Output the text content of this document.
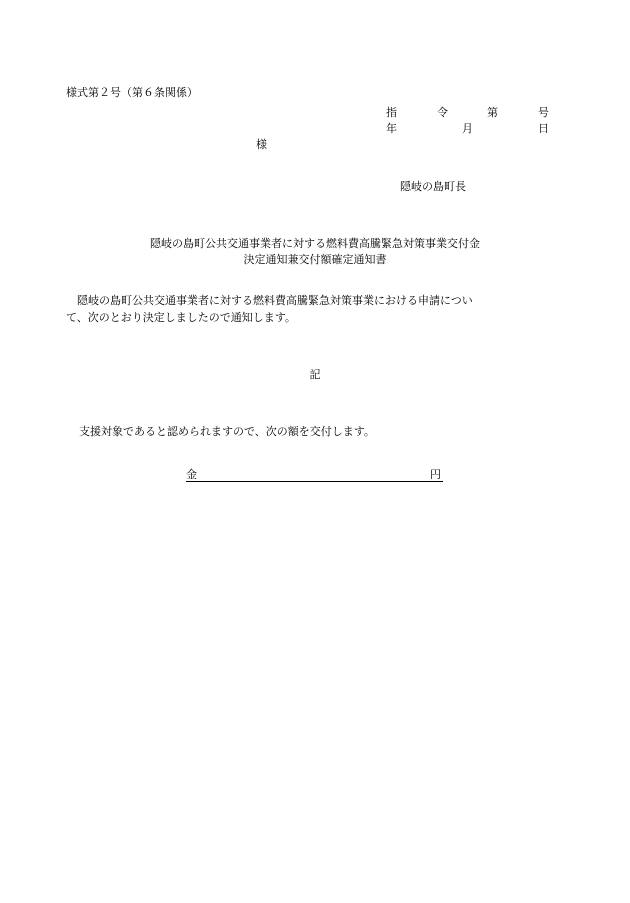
様式第２号（第６条関係）
指	令	第	号
年	月	日
様
隠岐の島町長
隠岐の島町公共交通事業者に対する燃料費高騰緊急対策事業交付金
決定通知兼交付額確定通知書
　隠岐の島町公共交通事業者に対する燃料費高騰緊急対策事業における申請につい
て、次のとおり決定しましたので通知します。
記
支援対象であると認められますので、次の額を交付します。
金	円
